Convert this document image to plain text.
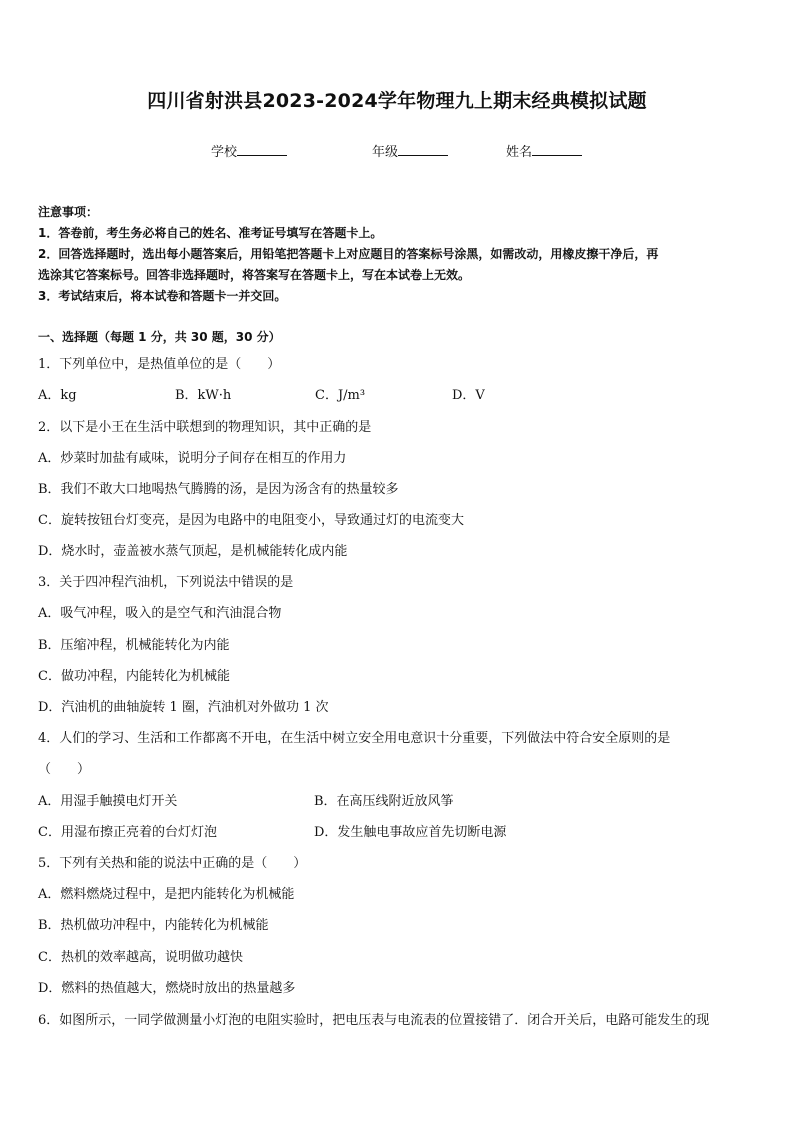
四川省射洪县2023-2024学年物理九上期末经典模拟试题
学校	年级	姓名
注意事项：
1．答卷前，考生务必将自己的姓名、准考证号填写在答题卡上。
2．回答选择题时，选出每小题答案后，用铅笔把答题卡上对应题目的答案标号涂黑，如需改动，用橡皮擦干净后，再
选涂其它答案标号。回答非选择题时，将答案写在答题卡上，写在本试卷上无效。
3．考试结束后，将本试卷和答题卡一并交回。
一、选择题（每题 1 分，共 30 题，30 分）
1．下列单位中，是热值单位的是（　　）
A．kg	B．kW·h	C．J/m³	D．V
2．以下是小王在生活中联想到的物理知识，其中正确的是
A．炒菜时加盐有咸味，说明分子间存在相互的作用力
B．我们不敢大口地喝热气腾腾的汤，是因为汤含有的热量较多
C．旋转按钮台灯变亮，是因为电路中的电阻变小，导致通过灯的电流变大
D．烧水时，壶盖被水蒸气顶起，是机械能转化成内能
3．关于四冲程汽油机，下列说法中错误的是
A．吸气冲程，吸入的是空气和汽油混合物
B．压缩冲程，机械能转化为内能
C．做功冲程，内能转化为机械能
D．汽油机的曲轴旋转 1 圈，汽油机对外做功 1 次
4．人们的学习、生活和工作都离不开电，在生活中树立安全用电意识十分重要，下列做法中符合安全原则的是
（　　）
A．用湿手触摸电灯开关	B．在高压线附近放风筝
C．用湿布擦正亮着的台灯灯泡	D．发生触电事故应首先切断电源
5．下列有关热和能的说法中正确的是（　　）
A．燃料燃烧过程中，是把内能转化为机械能
B．热机做功冲程中，内能转化为机械能
C．热机的效率越高，说明做功越快
D．燃料的热值越大，燃烧时放出的热量越多
6．如图所示，一同学做测量小灯泡的电阻实验时，把电压表与电流表的位置接错了．闭合开关后，电路可能发生的现
